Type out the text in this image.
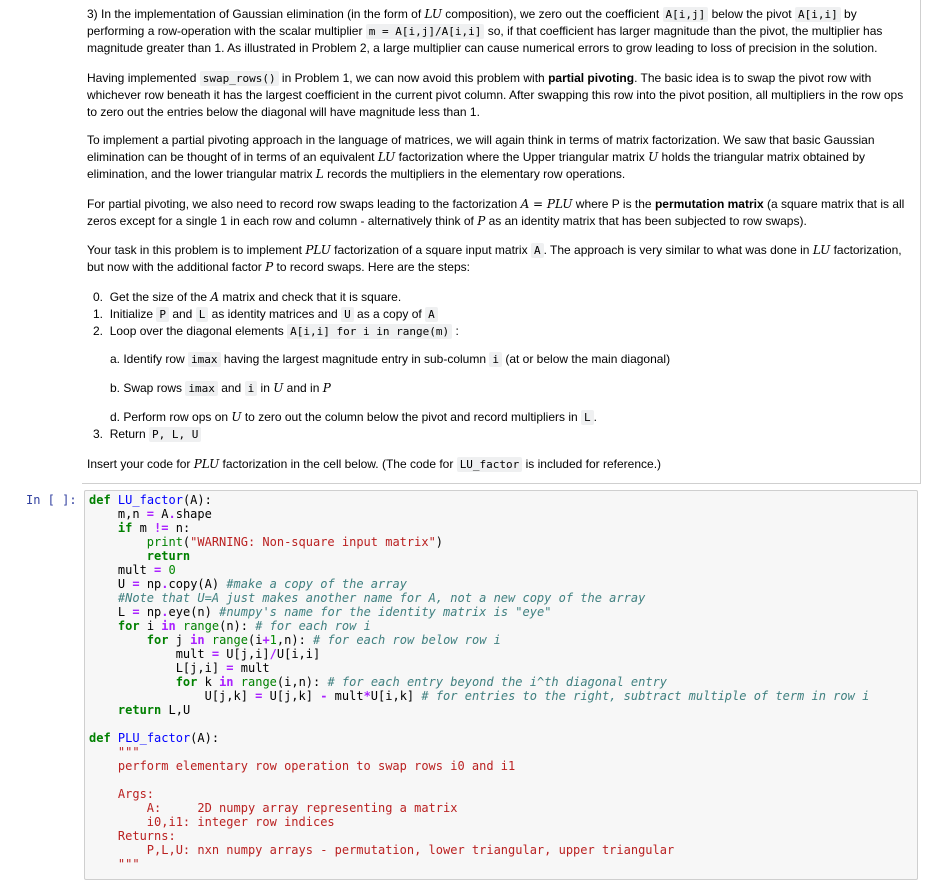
3) In the implementation of Gaussian elimination (in the form of LU composition), we zero out the coefficient A[i,j] below the pivot A[i,i] by performing a row-operation with the scalar multiplier m = A[i,j]/A[i,i] so, if that coefficient has larger magnitude than the pivot, the multiplier has magnitude greater than 1. As illustrated in Problem 2, a large multiplier can cause numerical errors to grow leading to loss of precision in the solution.
Having implemented swap_rows() in Problem 1, we can now avoid this problem with partial pivoting. The basic idea is to swap the pivot row with whichever row beneath it has the largest coefficient in the current pivot column. After swapping this row into the pivot position, all multipliers in the row ops to zero out the entries below the diagonal will have magnitude less than 1.
To implement a partial pivoting approach in the language of matrices, we will again think in terms of matrix factorization. We saw that basic Gaussian elimination can be thought of in terms of an equivalent LU factorization where the Upper triangular matrix U holds the triangular matrix obtained by elimination, and the lower triangular matrix L records the multipliers in the elementary row operations.
For partial pivoting, we also need to record row swaps leading to the factorization A = PLU where P is the permutation matrix (a square matrix that is all zeros except for a single 1 in each row and column - alternatively think of P as an identity matrix that has been subjected to row swaps).
Your task in this problem is to implement PLU factorization of a square input matrix A . The approach is very similar to what was done in LU factorization, but now with the additional factor P to record swaps. Here are the steps:
0. Get the size of the A matrix and check that it is square.
1. Initialize P and L as identity matrices and U as a copy of A
2. Loop over the diagonal elements A[i,i] for i in range(m) :
a. Identify row imax having the largest magnitude entry in sub-column i (at or below the main diagonal)
b. Swap rows imax and i in U and in P
d. Perform row ops on U to zero out the column below the pivot and record multipliers in L .
3. Return P, L, U
Insert your code for PLU factorization in the cell below. (The code for LU_factor is included for reference.)
In [ ]: def LU_factor(A):
m,n = A.shape
if m != n:
print("WARNING: Non-square input matrix")
return
mult = 0
U = np.copy(A) #make a copy of the array
#Note that U=A just makes another name for A, not a new copy of the array
L = np.eye(n) #numpy's name for the identity matrix is "eye"
for i in range(n): # for each row i
for j in range(i+1,n): # for each row below row i
mult = U[j,i]/U[i,i]
L[j,i] = mult
for k in range(i,n): # for each entry beyond the i^th diagonal entry
U[j,k] = U[j,k] - mult*U[i,k] # for entries to the right, subtract multiple of term in row i
return L,U

def PLU_factor(A):
"""
perform elementary row operation to swap rows i0 and i1

Args:
A:     2D numpy array representing a matrix
i0,i1: integer row indices
Returns:
P,L,U: nxn numpy arrays - permutation, lower triangular, upper triangular
"""
